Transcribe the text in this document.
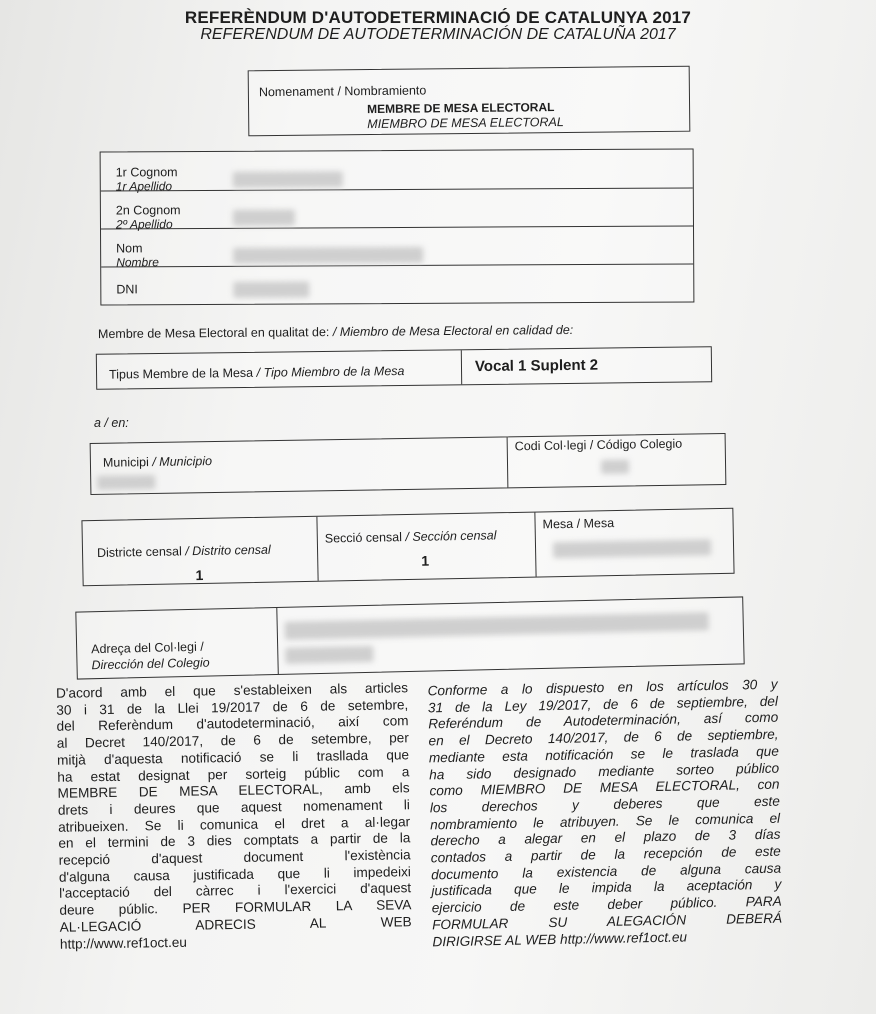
REFERÈNDUM D'AUTODETERMINACIÓ DE CATALUNYA 2017
REFERENDUM DE AUTODETERMINACIÓN DE CATALUÑA 2017
Nomenament / Nombramiento
MEMBRE DE MESA ELECTORAL
MIEMBRO DE MESA ELECTORAL
1r Cognom
1r Apellido
2n Cognom
2º Apellido
Nom
Nombre
DNI
Membre de Mesa Electoral en qualitat de: / Miembro de Mesa Electoral en calidad de:
Tipus Membre de la Mesa / Tipo Miembro de la Mesa	Vocal 1 Suplent 2
a / en:
Municipi / Municipio
Codi Col·legi / Código Colegio
Districte censal / Distrito censal
1
Secció censal / Sección censal
1
Mesa / Mesa
Adreça del Col·legi /
Dirección del Colegio
D'acord amb el que s'estableixen als articles
30 i 31 de la Llei 19/2017 de 6 de setembre,
del Referèndum d'autodeterminació, així com
al Decret 140/2017, de 6 de setembre, per
mitjà d'aquesta notificació se li trasllada que
ha estat designat per sorteig públic com a
MEMBRE DE MESA ELECTORAL, amb els
drets i deures que aquest nomenament li
atribueixen. Se li comunica el dret a al·legar
en el termini de 3 dies comptats a partir de la
recepció d'aquest document l'existència
d'alguna causa justificada que li impedeixi
l'acceptació del càrrec i l'exercici d'aquest
deure públic. PER FORMULAR LA SEVA
AL·LEGACIÓ ADRECIS AL WEB
http://www.ref1oct.eu
Conforme a lo dispuesto en los artículos 30 y
31 de la Ley 19/2017, de 6 de septiembre, del
Referéndum de Autodeterminación, así como
en el Decreto 140/2017, de 6 de septiembre,
mediante esta notificación se le traslada que
ha sido designado mediante sorteo público
como MIEMBRO DE MESA ELECTORAL, con
los derechos y deberes que este
nombramiento le atribuyen. Se le comunica el
derecho a alegar en el plazo de 3 días
contados a partir de la recepción de este
documento la existencia de alguna causa
justificada que le impida la aceptación y
ejercicio de este deber público. PARA
FORMULAR SU ALEGACIÓN DEBERÁ
DIRIGIRSE AL WEB http://www.ref1oct.eu
